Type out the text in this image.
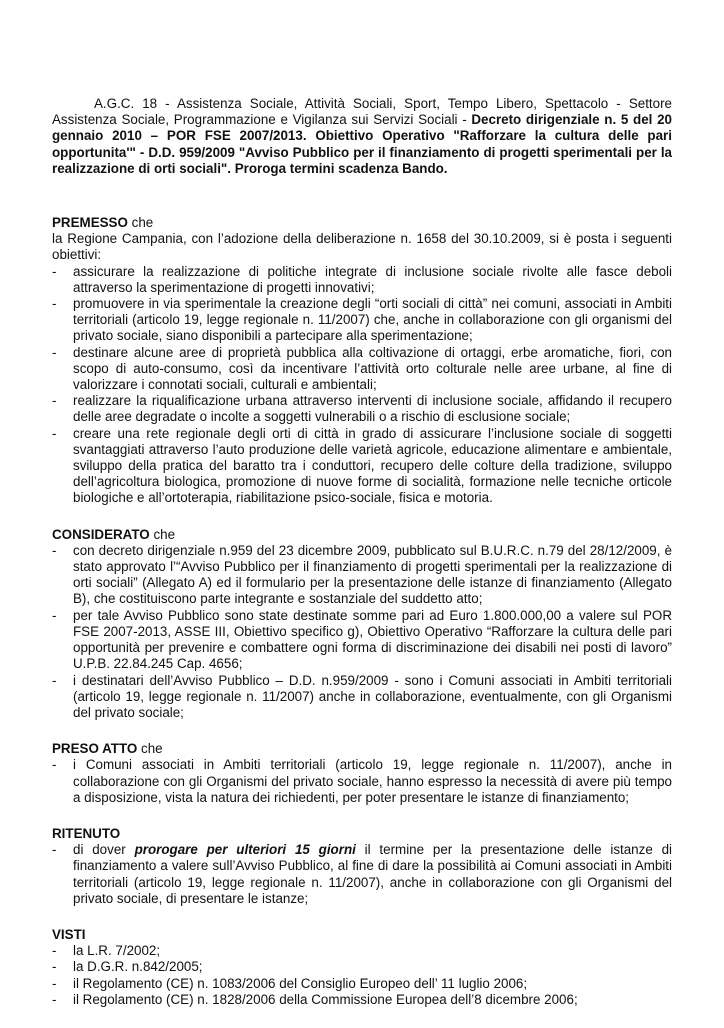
A.G.C. 18 - Assistenza Sociale, Attività Sociali, Sport, Tempo Libero, Spettacolo - Settore Assistenza Sociale, Programmazione e Vigilanza sui Servizi Sociali - Decreto dirigenziale n. 5 del 20 gennaio 2010 – POR FSE 2007/2013. Obiettivo Operativo "Rafforzare la cultura delle pari opportunita'" - D.D. 959/2009 "Avviso Pubblico per il finanziamento di progetti sperimentali per la realizzazione di orti sociali". Proroga termini scadenza Bando.

PREMESSO che

la Regione Campania, con l’adozione della deliberazione n. 1658 del 30.10.2009, si è posta i seguenti obiettivi:

- assicurare la realizzazione di politiche integrate di inclusione sociale rivolte alle fasce deboli attraverso la sperimentazione di progetti innovativi;
- promuovere in via sperimentale la creazione degli “orti sociali di città” nei comuni, associati in Ambiti territoriali (articolo 19, legge regionale n. 11/2007) che, anche in collaborazione con gli organismi del privato sociale, siano disponibili a partecipare alla sperimentazione;
- destinare alcune aree di proprietà pubblica alla coltivazione di ortaggi, erbe aromatiche, fiori, con scopo di auto-consumo, così da incentivare l’attività orto colturale nelle aree urbane, al fine di valorizzare i connotati sociali, culturali e ambientali;
- realizzare la riqualificazione urbana attraverso interventi di inclusione sociale, affidando il recupero delle aree degradate o incolte a soggetti vulnerabili o a rischio di esclusione sociale;
- creare una rete regionale degli orti di città in grado di assicurare l’inclusione sociale di soggetti svantaggiati attraverso l’auto produzione delle varietà agricole, educazione alimentare e ambientale, sviluppo della pratica del baratto tra i conduttori, recupero delle colture della tradizione, sviluppo dell’agricoltura biologica, promozione di nuove forme di socialità, formazione nelle tecniche orticole biologiche e all’ortoterapia, riabilitazione psico-sociale, fisica e motoria.
CONSIDERATO che
- con decreto dirigenziale n.959 del 23 dicembre 2009, pubblicato sul B.U.R.C. n.79 del 28/12/2009, è stato approvato l’“Avviso Pubblico per il finanziamento di progetti sperimentali per la realizzazione di orti sociali” (Allegato A) ed il formulario per la presentazione delle istanze di finanziamento (Allegato B), che costituiscono parte integrante e sostanziale del suddetto atto;
- per tale Avviso Pubblico sono state destinate somme pari ad Euro 1.800.000,00 a valere sul POR FSE 2007-2013, ASSE III, Obiettivo specifico g), Obiettivo Operativo “Rafforzare la cultura delle pari opportunità per prevenire e combattere ogni forma di discriminazione dei disabili nei posti di lavoro” U.P.B. 22.84.245 Cap. 4656;
- i destinatari dell’Avviso Pubblico – D.D. n.959/2009 - sono i Comuni associati in Ambiti territoriali (articolo 19, legge regionale n. 11/2007) anche in collaborazione, eventualmente, con gli Organismi del privato sociale;
PRESO ATTO che
- i Comuni associati in Ambiti territoriali (articolo 19, legge regionale n. 11/2007), anche in collaborazione con gli Organismi del privato sociale, hanno espresso la necessità di avere più tempo a disposizione, vista la natura dei richiedenti, per poter presentare le istanze di finanziamento;
RITENUTO
- di dover prorogare per ulteriori 15 giorni il termine per la presentazione delle istanze di finanziamento a valere sull’Avviso Pubblico, al fine di dare la possibilità ai Comuni associati in Ambiti territoriali (articolo 19, legge regionale n. 11/2007), anche in collaborazione con gli Organismi del privato sociale, di presentare le istanze;
VISTI
- la L.R. 7/2002;
- la D.G.R. n.842/2005;
- il Regolamento (CE) n. 1083/2006 del Consiglio Europeo dell’ 11 luglio 2006;
- il Regolamento (CE) n. 1828/2006 della Commissione Europea dell’8 dicembre 2006;
